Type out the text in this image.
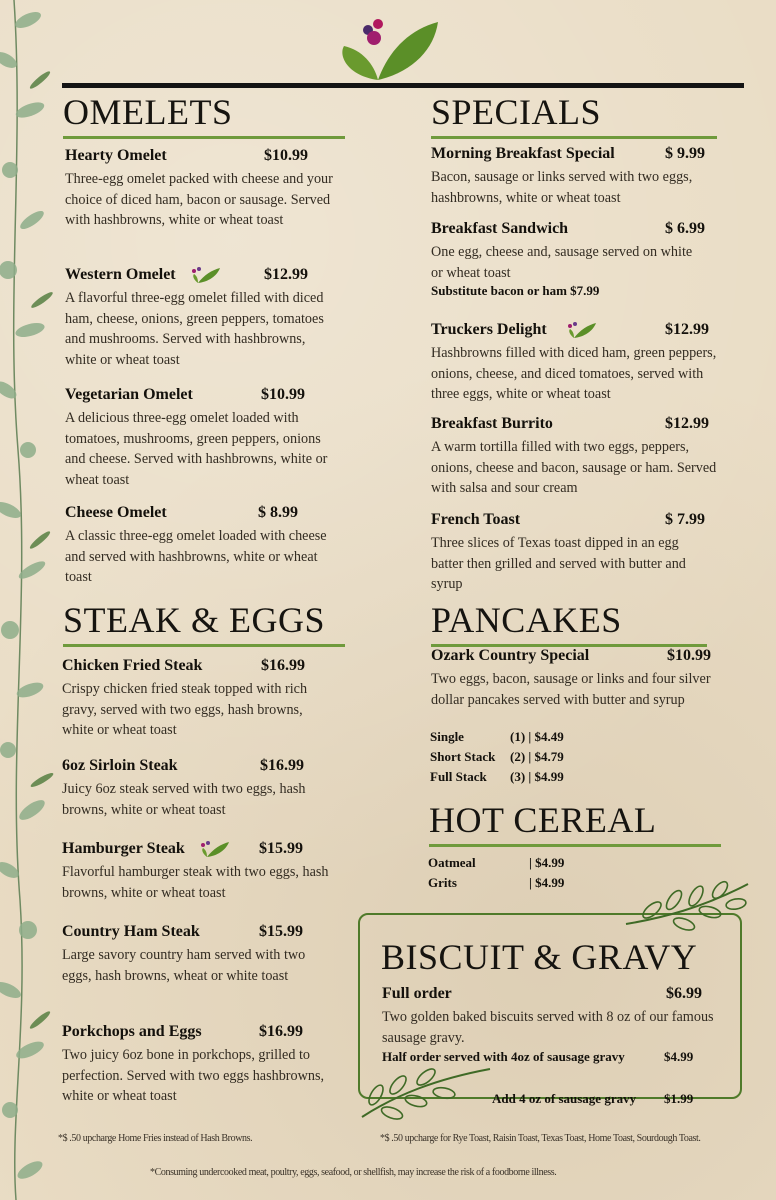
OMELETS
Hearty Omelet	$10.99
Three-egg omelet packed with cheese and your choice of diced ham, bacon or sausage. Served with hashbrowns, white or wheat toast
Western Omelet	$12.99
A flavorful three-egg omelet filled with diced ham, cheese, onions, green peppers, tomatoes and mushrooms. Served with hashbrowns, white or wheat toast
Vegetarian Omelet	$10.99
A delicious three-egg omelet loaded with tomatoes, mushrooms, green peppers, onions and cheese. Served with hashbrowns, white or wheat toast
Cheese Omelet	$ 8.99
A classic three-egg omelet loaded with cheese and served with hashbrowns, white or wheat toast
STEAK & EGGS
Chicken Fried Steak	$16.99
Crispy chicken fried steak topped with rich gravy, served with two eggs, hash browns, white or wheat toast
6oz Sirloin Steak	$16.99
Juicy 6oz steak served with two eggs, hash browns, white or wheat toast
Hamburger Steak	$15.99
Flavorful hamburger steak with two eggs, hash browns, white or wheat toast
Country Ham Steak	$15.99
Large savory country ham served with two eggs, hash browns, wheat or white toast
Porkchops and Eggs	$16.99
Two juicy 6oz bone in porkchops, grilled to perfection. Served with two eggs hashbrowns, white or wheat toast
SPECIALS
Morning Breakfast Special	$ 9.99
Bacon, sausage or links served with two eggs, hashbrowns, white or wheat toast
Breakfast Sandwich	$ 6.99
One egg, cheese and, sausage served on white or wheat toast
Substitute bacon or ham $7.99
Truckers Delight	$12.99
Hashbrowns filled with diced ham, green peppers, onions, cheese, and diced tomatoes, served with three eggs, white or wheat toast
Breakfast Burrito	$12.99
A warm tortilla filled with two eggs, peppers, onions, cheese and bacon, sausage or ham. Served with salsa and sour cream
French Toast	$ 7.99
Three slices of Texas toast dipped in an egg batter then grilled and served with butter and syrup
PANCAKES
Ozark Country Special	$10.99
Two eggs, bacon, sausage or links and four silver dollar pancakes served with butter and syrup
Single	(1) | $4.49
Short Stack (2) | $4.79
Full Stack (3) | $4.99
HOT CEREAL
Oatmeal	| $4.99
Grits	| $4.99
BISCUIT & GRAVY
Full order	$6.99
Two golden baked biscuits served with 8 oz of our famous sausage gravy.
Half order served with 4oz of sausage gravy	$4.99
Add 4 oz of sausage gravy $1.99
*$ .50 upcharge Home Fries instead of Hash Browns.	*$ .50 upcharge for Rye Toast, Raisin Toast, Texas Toast, Home Toast, Sourdough Toast.
*Consuming undercooked meat, poultry, eggs, seafood, or shellfish, may increase the risk of a foodborne illness.
